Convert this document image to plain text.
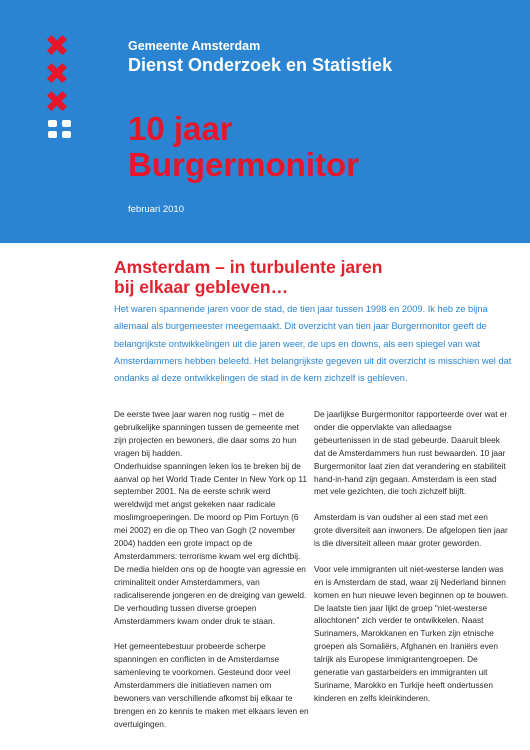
✖
✖
✖
Gemeente Amsterdam
Dienst Onderzoek en Statistiek
10 jaar
Burgermonitor
februari 2010
Amsterdam – in turbulente jaren
bij elkaar gebleven…

Het waren spannende jaren voor de stad, de tien jaar tussen 1998 en 2009. Ik heb ze bijna allemaal als burgemeester meegemaakt. Dit overzicht van tien jaar Burgermonitor geeft de belangrijkste ontwikkelingen uit die jaren weer, de ups en downs, als een spiegel van wat Amsterdammers hebben beleefd. Het belangrijkste gegeven uit dit overzicht is misschien wel dat ondanks al deze ontwikkelingen de stad in de kern zichzelf is gebleven.

De eerste twee jaar waren nog rustig – met de gebruikelijke spanningen tussen de gemeente met zijn projecten en bewoners, die daar soms zo hun vragen bij hadden.

Onderhuidse spanningen leken los te breken bij de aanval op het World Trade Center in New York op 11 september 2001. Na de eerste schrik werd wereldwijd met angst gekeken naar radicale moslimgroeperingen. De moord op Pim Fortuyn (6 mei 2002) en die op Theo van Gogh (2 november 2004) hadden een grote impact op de Amsterdammers: terrorisme kwam wel erg dichtbij. De media hielden ons op de hoogte van agressie en criminaliteit onder Amsterdammers, van radicaliserende jongeren en de dreiging van geweld. De verhouding tussen diverse groepen Amsterdammers kwam onder druk te staan.

Het gemeentebestuur probeerde scherpe spanningen en conflicten in de Amsterdamse samenleving te voorkomen. Gesteund door veel Amsterdammers die initiatieven namen om bewoners van verschillende afkomst bij elkaar te brengen en zo kennis te maken met elkaars leven en overtuigingen.

De jaarlijkse Burgermonitor rapporteerde over wat er onder die oppervlakte van alledaagse gebeurtenissen in de stad gebeurde. Daaruit bleek dat de Amsterdammers hun rust bewaarden. 10 jaar Burgermonitor laat zien dat verandering en stabiliteit hand-in-hand zijn gegaan. Amsterdam is een stad met vele gezichten, die toch zichzelf blijft.

Amsterdam is van oudsher al een stad met een grote diversiteit aan inwoners. De afgelopen tien jaar is die diversiteit alleen maar groter geworden.

Voor vele immigranten uit niet-westerse landen was en is Amsterdam de stad, waar zij Nederland binnen komen en hun nieuwe leven beginnen op te bouwen. De laatste tien jaar lijkt de groep "niet-westerse allochtonen" zich verder te ontwikkelen. Naast Surinamers, Marokkanen en Turken zijn etnische groepen als Somaliërs, Afghanen en Iraniërs even talrijk als Europese immigrantengroepen. De generatie van gastarbeiders en immigranten uit Suriname, Marokko en Turkije heeft ondertussen kinderen en zelfs kleinkinderen.
